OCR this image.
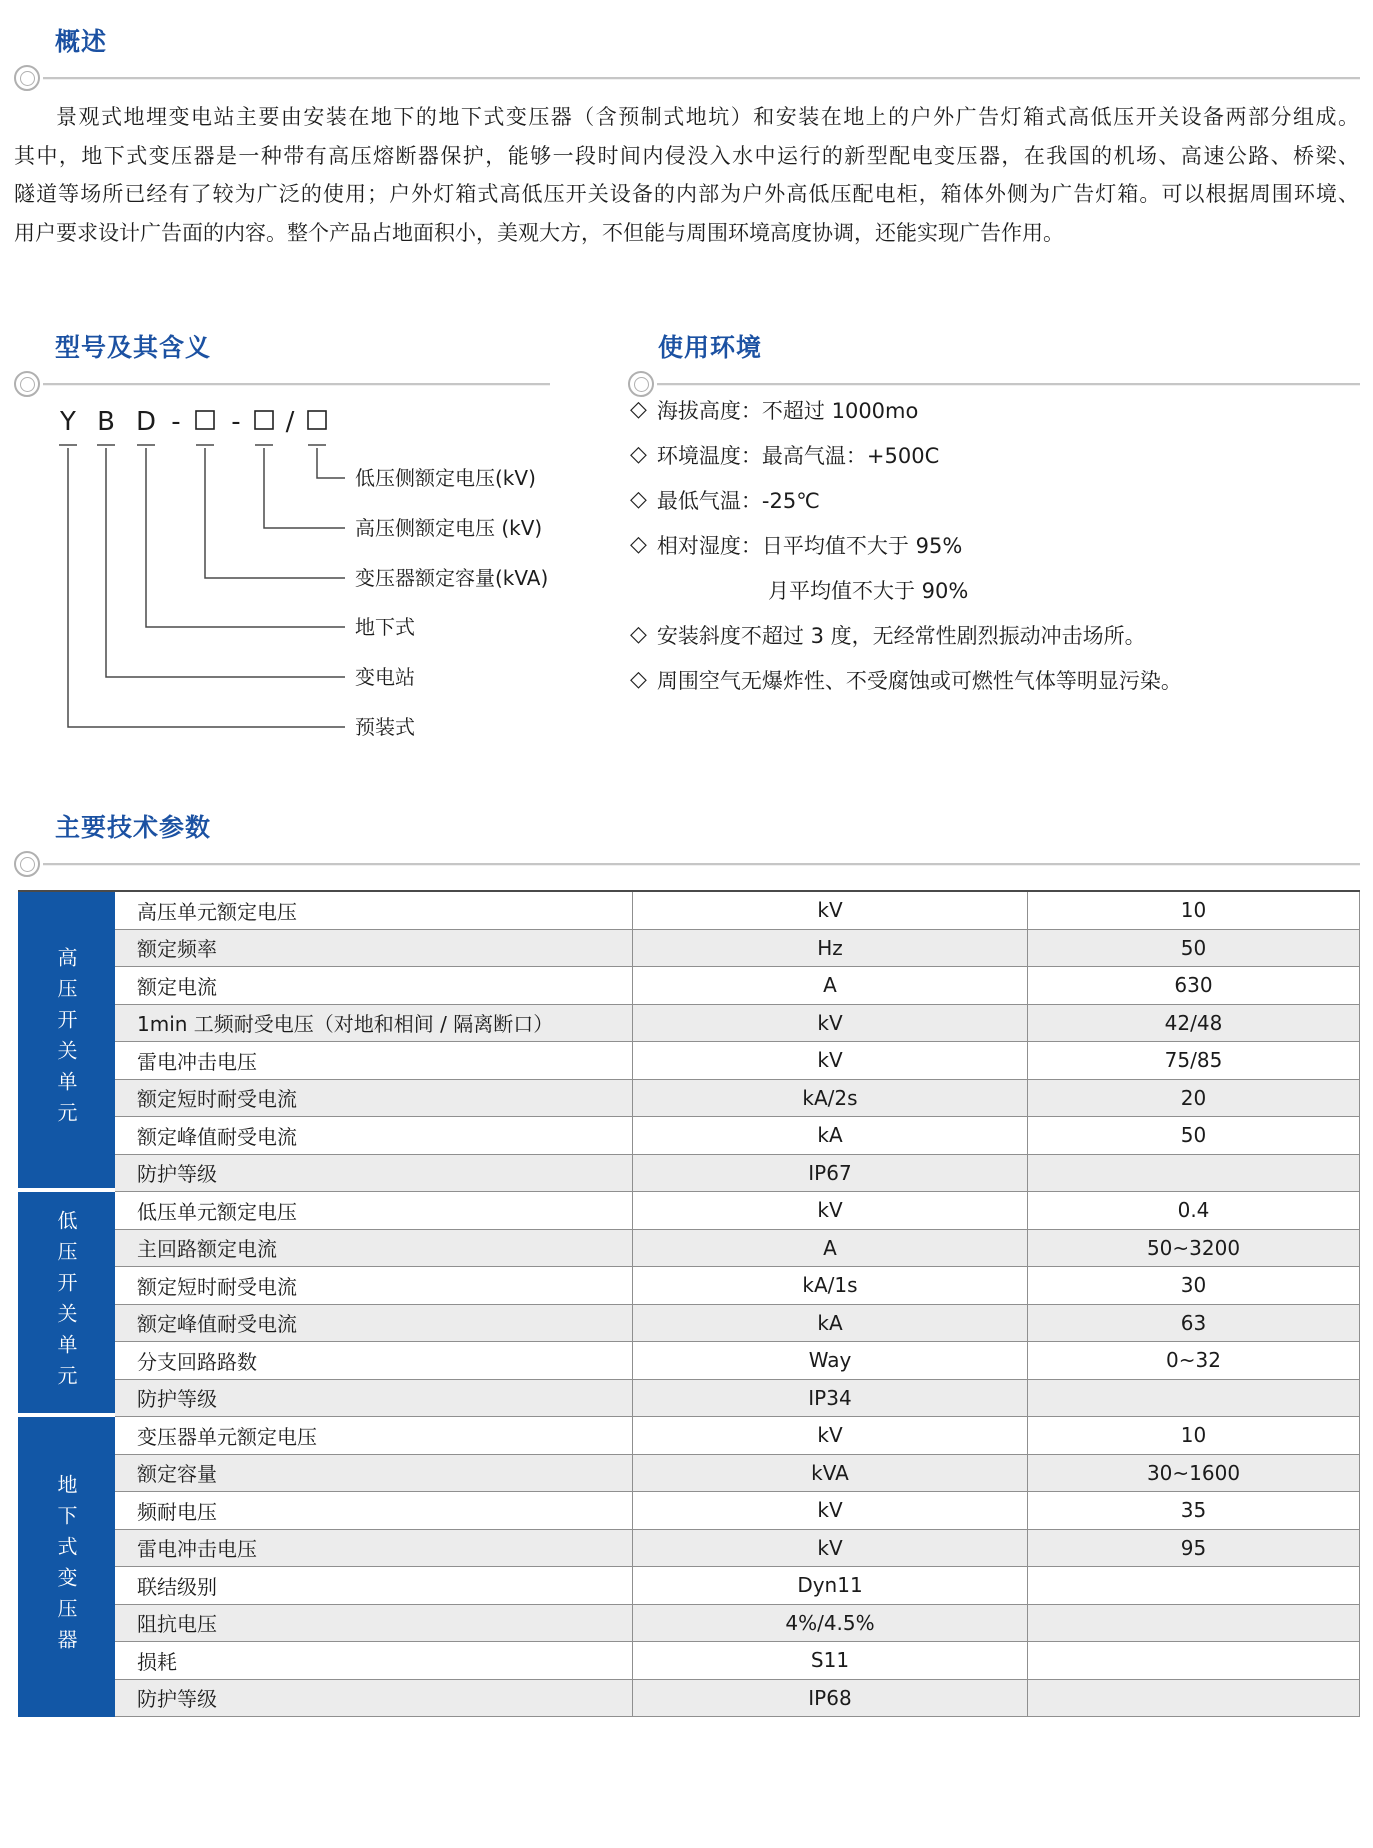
概述
景观式地埋变电站主要由安装在地下的地下式变压器（含预制式地坑）和安装在地上的户外广告灯箱式高低压开关设备两部分组成。
其中，地下式变压器是一种带有高压熔断器保护，能够一段时间内侵没入水中运行的新型配电变压器，在我国的机场、高速公路、桥梁、
隧道等场所已经有了较为广泛的使用；户外灯箱式高低压开关设备的内部为户外高低压配电柜，箱体外侧为广告灯箱。可以根据周围环境、
用户要求设计广告面的内容。整个产品占地面积小，美观大方，不但能与周围环境高度协调，还能实现广告作用。
型号及其含义
Y B D - - /
预装式
变电站
地下式
变压器额定容量(kVA)
高压侧额定电压 (kV)
低压侧额定电压(kV)
使用环境
◇ 海拔高度：不超过 1000mo
◇ 环境温度：最高气温：+500C
◇ 最低气温：-25℃
◇ 相对湿度：日平均值不大于 95%
月平均值不大于 90%
◇ 安装斜度不超过 3 度，无经常性剧烈振动冲击场所。
◇ 周围空气无爆炸性、不受腐蚀或可燃性气体等明显污染。
主要技术参数
高压开关单元
高压单元额定电压	kV	10
额定频率	Hz	50
额定电流	A	630
1min 工频耐受电压（对地和相间 / 隔离断口）	kV	42/48
雷电冲击电压	kV	75/85
额定短时耐受电流	kA/2s	20
额定峰值耐受电流	kA	50
防护等级	IP67
低压开关单元	低压单元额定电压	kV	0.4
主回路额定电流	A	50~3200
额定短时耐受电流	kA/1s	30
额定峰值耐受电流	kA	63
分支回路路数	Way	0~32
防护等级	IP34
地下式变压器
变压器单元额定电压	kV	10
额定容量	kVA	30~1600
频耐电压	kV	35
雷电冲击电压	kV	95
联结级别	Dyn11
阻抗电压	4%/4.5%
损耗	S11
防护等级	IP68
